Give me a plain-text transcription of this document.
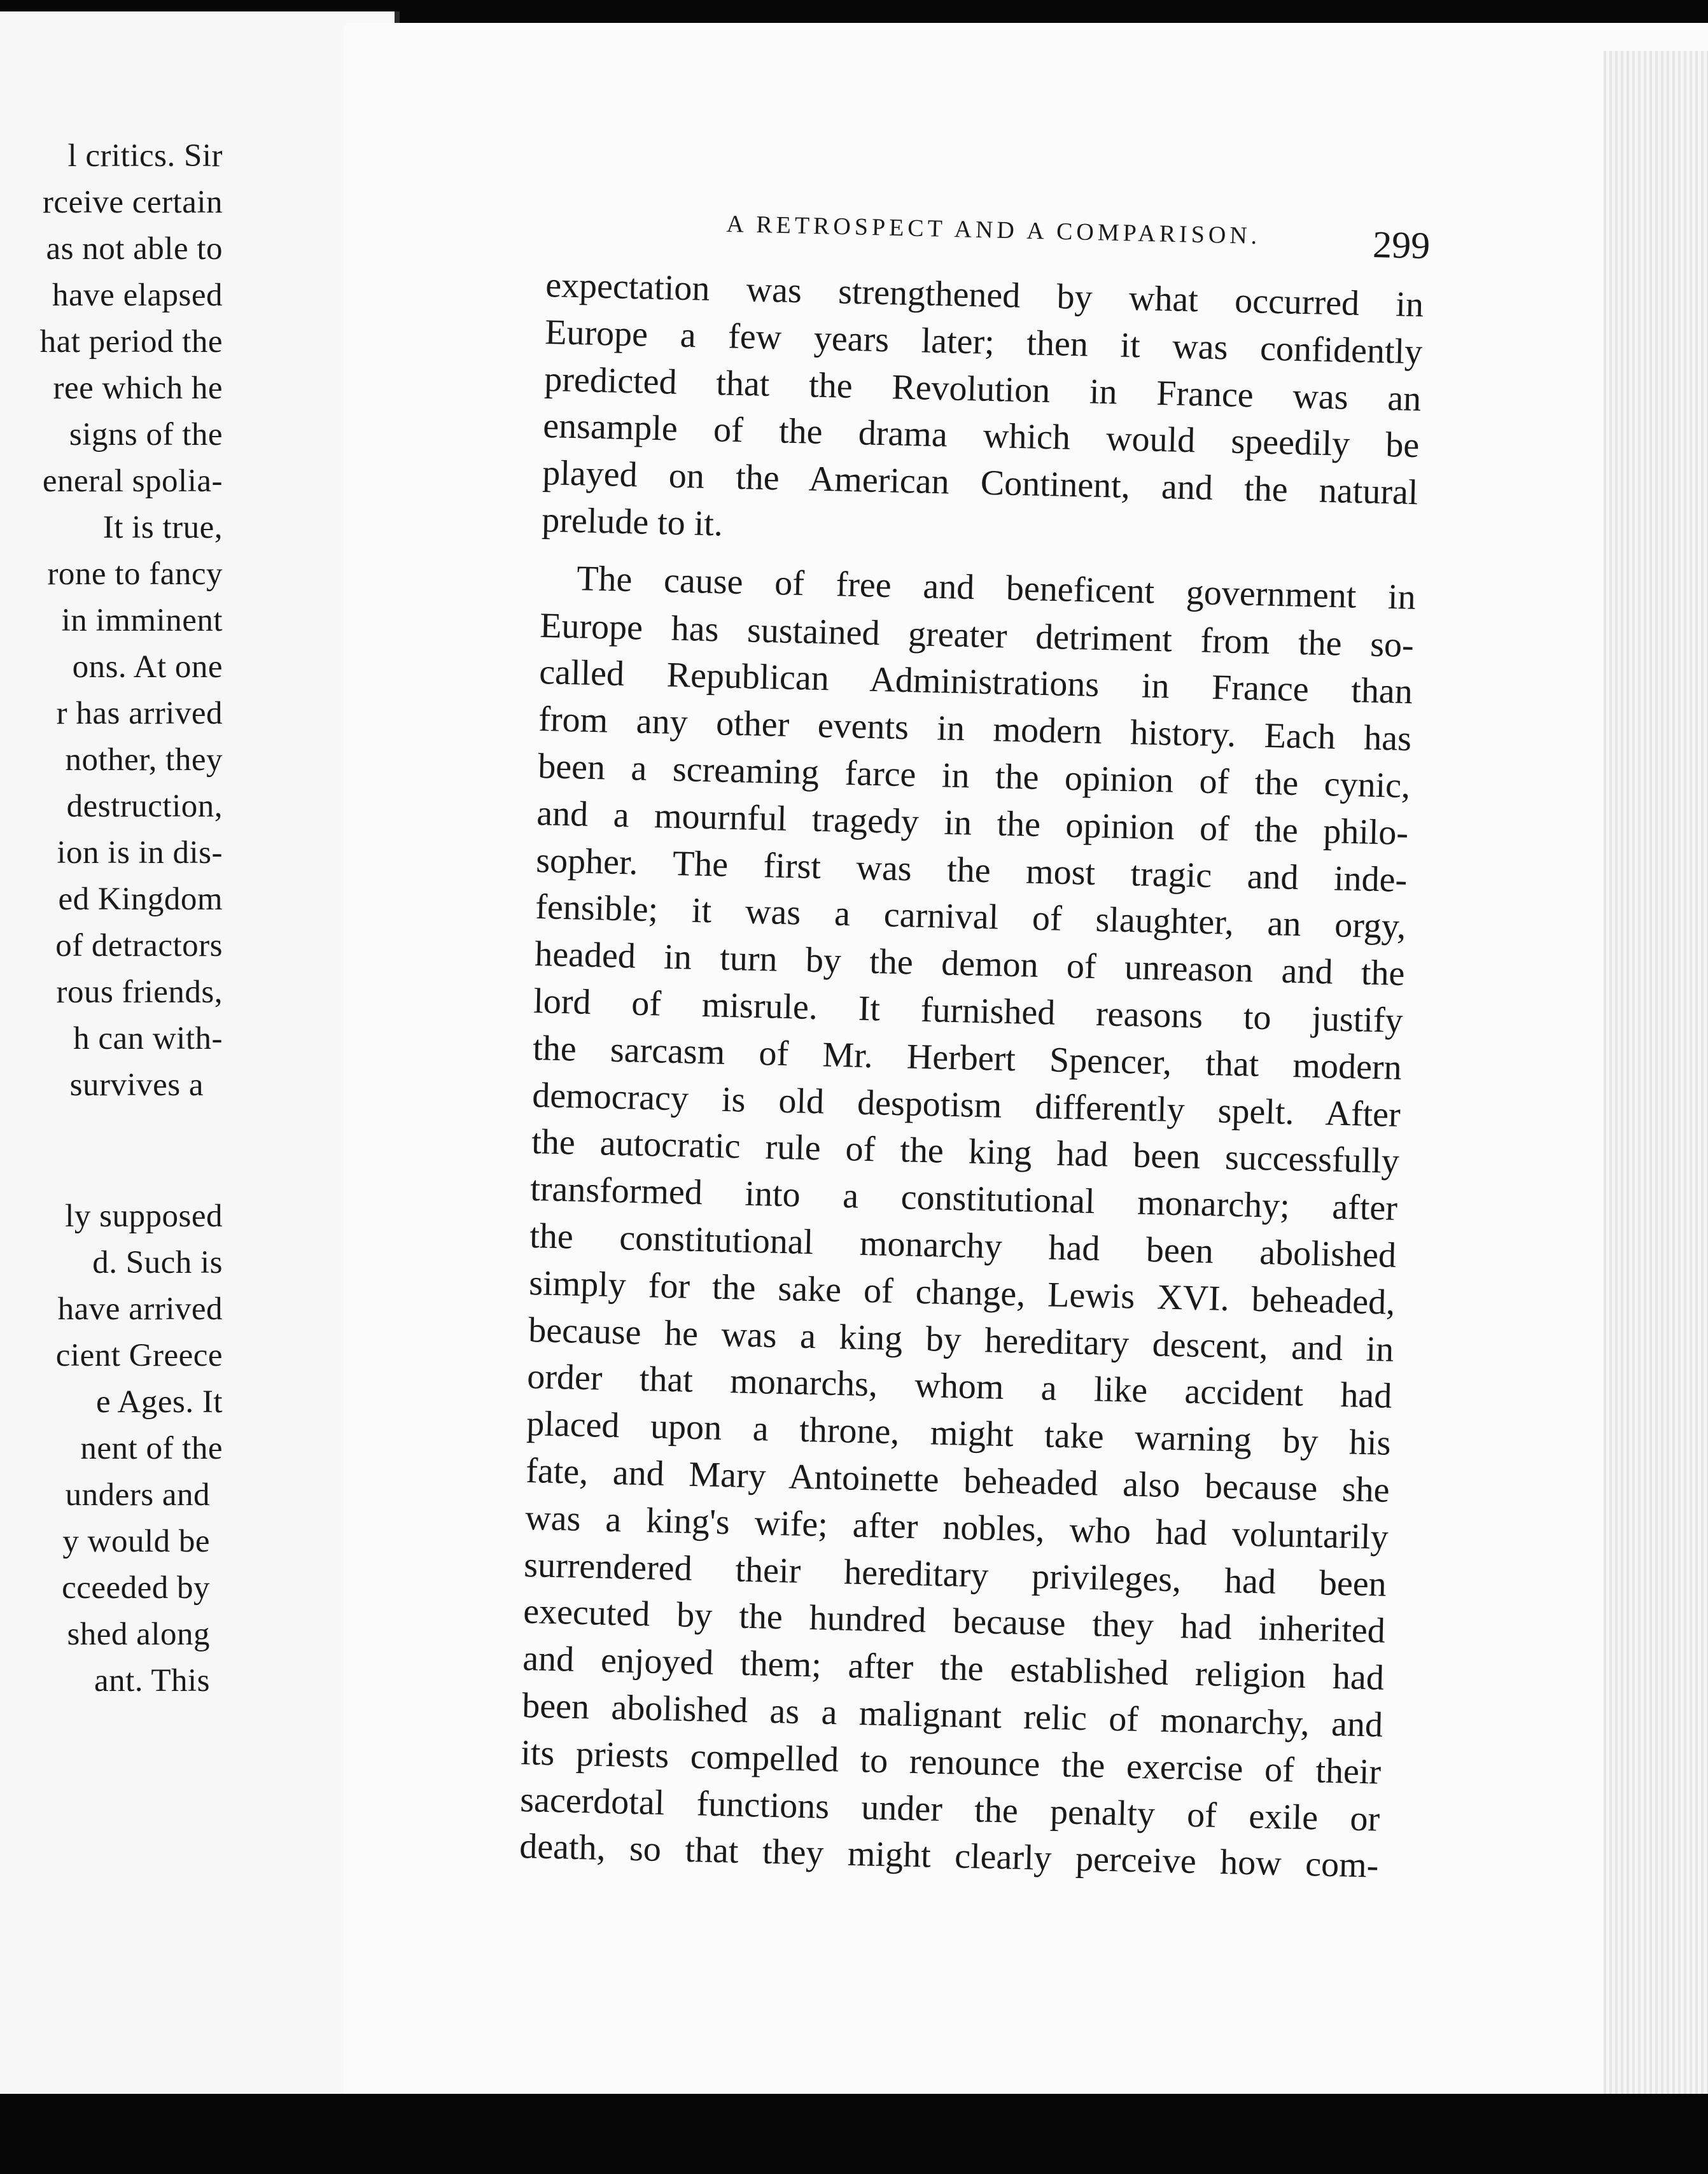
l critics. Sir
rceive certain
as not able to
have elapsed
hat period the
ree which he
signs of the
eneral spolia-
It is true,
rone to fancy
in imminent
ons. At one
r has arrived
nother, they
destruction,
ion is in dis-
ed Kingdom
of detractors
rous friends,
h can with-
survives a
ly supposed
d. Such is
have arrived
cient Greece
e Ages. It
nent of the
unders and
y would be
cceeded by
shed along
ant. This
A RETROSPECT AND A COMPARISON.	299
expectation was strengthened by what occurred in
Europe a few years later; then it was confidently
predicted that the Revolution in France was an
ensample of the drama which would speedily be
played on the American Continent, and the natural
prelude to it.
The cause of free and beneficent government in
Europe has sustained greater detriment from the so-
called Republican Administrations in France than
from any other events in modern history. Each has
been a screaming farce in the opinion of the cynic,
and a mournful tragedy in the opinion of the philo-
sopher. The first was the most tragic and inde-
fensible; it was a carnival of slaughter, an orgy,
headed in turn by the demon of unreason and the
lord of misrule. It furnished reasons to justify
the sarcasm of Mr. Herbert Spencer, that modern
democracy is old despotism differently spelt. After
the autocratic rule of the king had been successfully
transformed into a constitutional monarchy; after
the constitutional monarchy had been abolished
simply for the sake of change, Lewis XVI. beheaded,
because he was a king by hereditary descent, and in
order that monarchs, whom a like accident had
placed upon a throne, might take warning by his
fate, and Mary Antoinette beheaded also because she
was a king's wife; after nobles, who had voluntarily
surrendered their hereditary privileges, had been
executed by the hundred because they had inherited
and enjoyed them; after the established religion had
been abolished as a malignant relic of monarchy, and
its priests compelled to renounce the exercise of their
sacerdotal functions under the penalty of exile or
death, so that they might clearly perceive how com-
